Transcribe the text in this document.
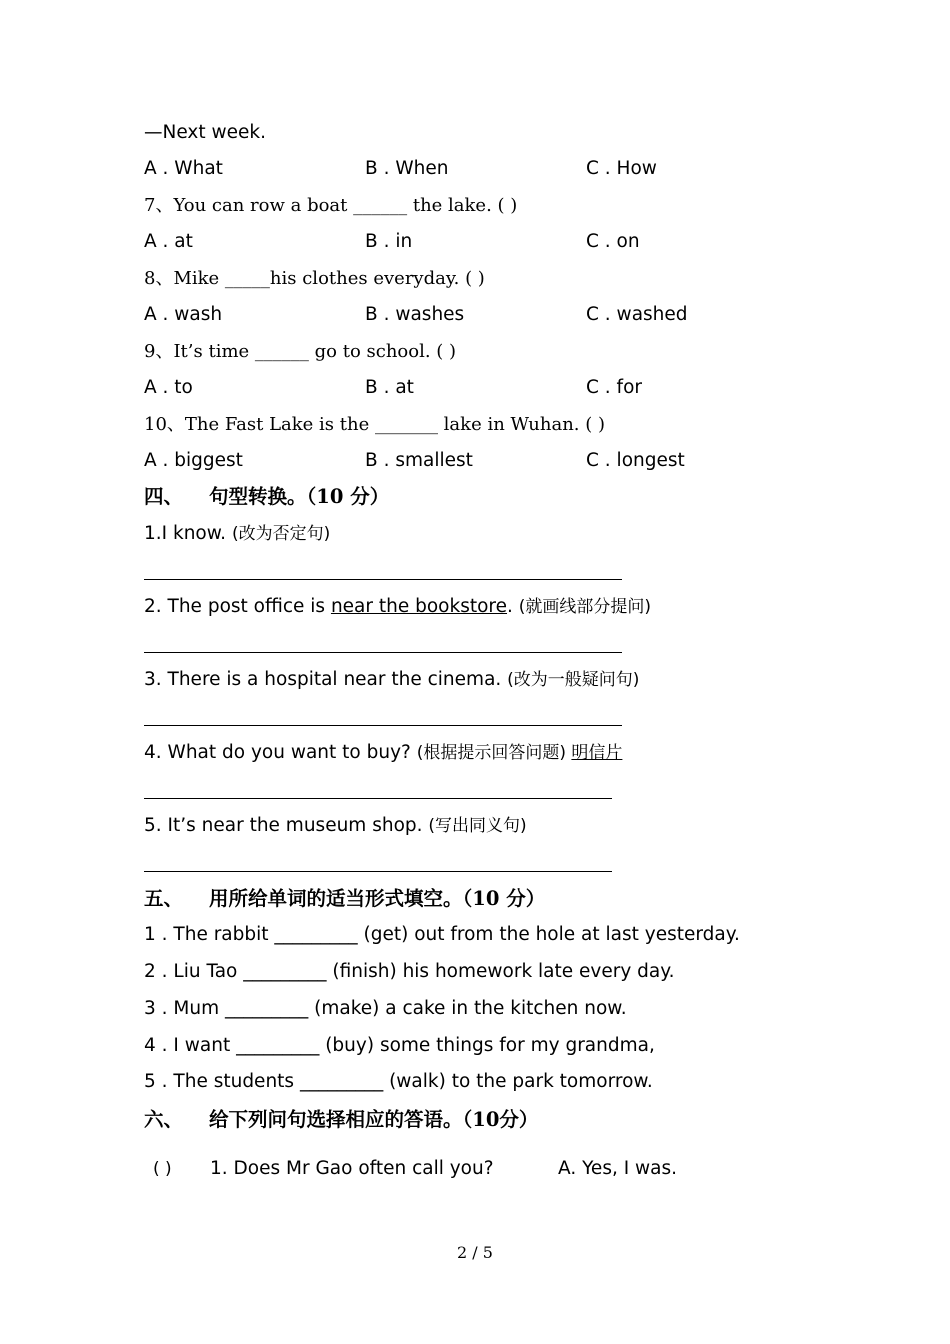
—Next week.
A . What	B . When	C . How
7、You can row a boat ______ the lake. ( )
A . at	B . in	C . on
8、Mike _____his clothes everyday. ( )
A . wash	B . washes	C . washed
9、It’s time ______ go to school. ( )
A . to	B . at	C . for
10、The Fast Lake is the _______ lake in Wuhan. ( )
A . biggest	B . smallest	C . longest
四、 句型转换。（10 分）
1.I know. (改为否定句)
2. The post office is near the bookstore. (就画线部分提问)
3. There is a hospital near the cinema. (改为一般疑问句)
4. What do you want to buy? (根据提示回答问题) 明信片
5. It’s near the museum shop. (写出同义句)
五、 用所给单词的适当形式填空。（10 分）
1 . The rabbit _________ (get) out from the hole at last yesterday.
2 . Liu Tao _________ (finish) his homework late every day.
3 . Mum _________ (make) a cake in the kitchen now.
4 . I want _________ (buy) some things for my grandma,
5 . The students _________ (walk) to the park tomorrow.
六、 给下列问句选择相应的答语。（10分）
( ) 1. Does Mr Gao often call you?	A. Yes, I was.
2 / 5
